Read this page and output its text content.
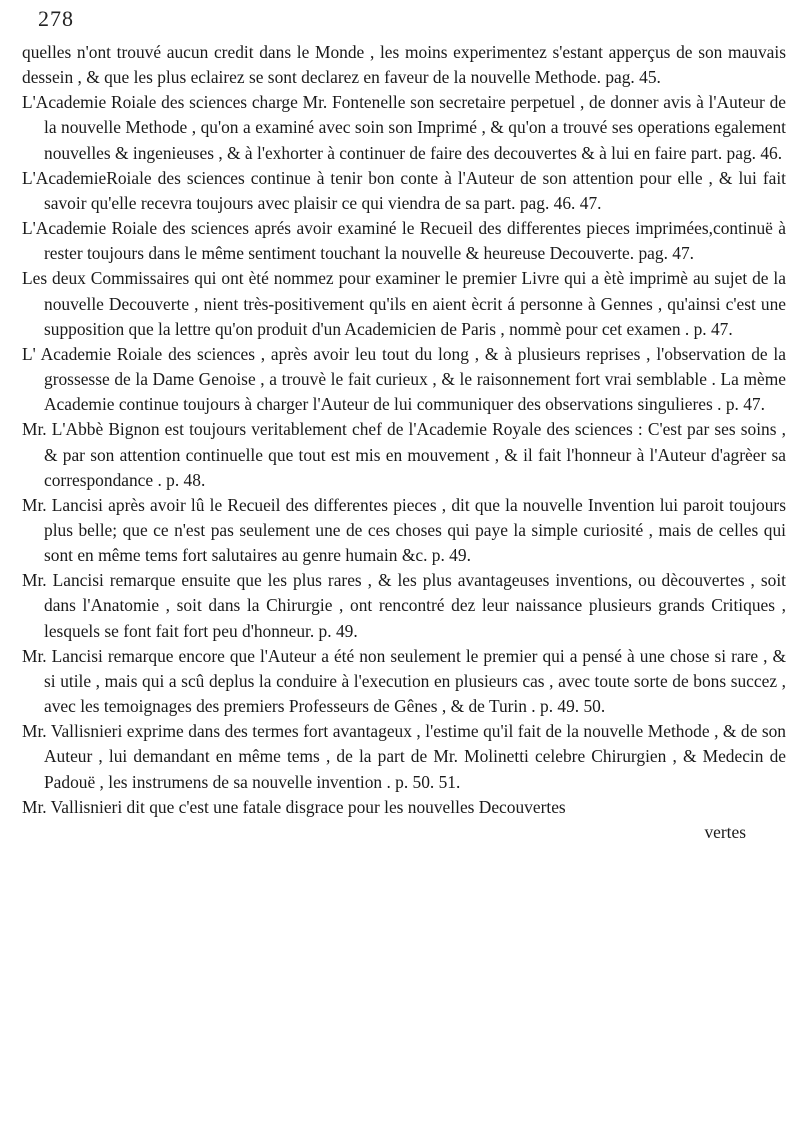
278

quelles n'ont trouvé aucun credit dans le Monde , les moins experimentez s'estant apperçus de son mauvais dessein , & que les plus eclairez se sont declarez en faveur de la nouvelle Methode. pag. 45.

L'Academie Roiale des sciences charge Mr. Fontenelle son secretaire perpetuel , de donner avis à l'Auteur de la nouvelle Methode , qu'on a examiné avec soin son Imprimé , & qu'on a trouvé ses operations egalement nouvelles & ingenieuses , & à l'exhorter à continuer de faire des decouvertes & à lui en faire part. pag. 46.

L'AcademieRoiale des sciences continue à tenir bon conte à l'Auteur de son attention pour elle , & lui fait savoir qu'elle recevra toujours avec plaisir ce qui viendra de sa part. pag. 46. 47.

L'Academie Roiale des sciences aprés avoir examiné le Recueil des differentes pieces imprimées,continuë à rester toujours dans le même sentiment touchant la nouvelle & heureuse Decouverte. pag. 47.

Les deux Commissaires qui ont èté nommez pour examiner le premier Livre qui a ètè imprimè au sujet de la nouvelle Decouverte , nient très-positivement qu'ils en aient ècrit á personne à Gennes , qu'ainsi c'est une supposition que la lettre qu'on produit d'un Academicien de Paris , nommè pour cet examen . p. 47.

L' Academie Roiale des sciences , après avoir leu tout du long , & à plusieurs reprises , l'observation de la grossesse de la Dame Genoise , a trouvè le fait curieux , & le raisonnement fort vrai semblable . La mème Academie continue toujours à charger l'Auteur de lui communiquer des observations singulieres . p. 47.

Mr. L'Abbè Bignon est toujours veritablement chef de l'Academie Royale des sciences : C'est par ses soins , & par son attention continuelle que tout est mis en mouvement , & il fait l'honneur à l'Auteur d'agrèer sa correspondance . p. 48.

Mr. Lancisi après avoir lû le Recueil des differentes pieces , dit que la nouvelle Invention lui paroit toujours plus belle; que ce n'est pas seulement une de ces choses qui paye la simple curiosité , mais de celles qui sont en même tems fort salutaires au genre humain &c. p. 49.

Mr. Lancisi remarque ensuite que les plus rares , & les plus avantageuses inventions, ou dècouvertes , soit dans l'Anatomie , soit dans la Chirurgie , ont rencontré dez leur naissance plusieurs grands Critiques , lesquels se font fait fort peu d'honneur. p. 49.

Mr. Lancisi remarque encore que l'Auteur a été non seulement le premier qui a pensé à une chose si rare , & si utile , mais qui a scû deplus la conduire à l'execution en plusieurs cas , avec toute sorte de bons succez , avec les temoignages des premiers Professeurs de Gênes , & de Turin . p. 49. 50.

Mr. Vallisnieri exprime dans des termes fort avantageux , l'estime qu'il fait de la nouvelle Methode , & de son Auteur , lui demandant en même tems , de la part de Mr. Molinetti celebre Chirurgien , & Medecin de Padouë , les instrumens de sa nouvelle invention . p. 50. 51.

Mr. Vallisnieri dit que c'est une fatale disgrace pour les nouvelles Decouvertes

vertes
